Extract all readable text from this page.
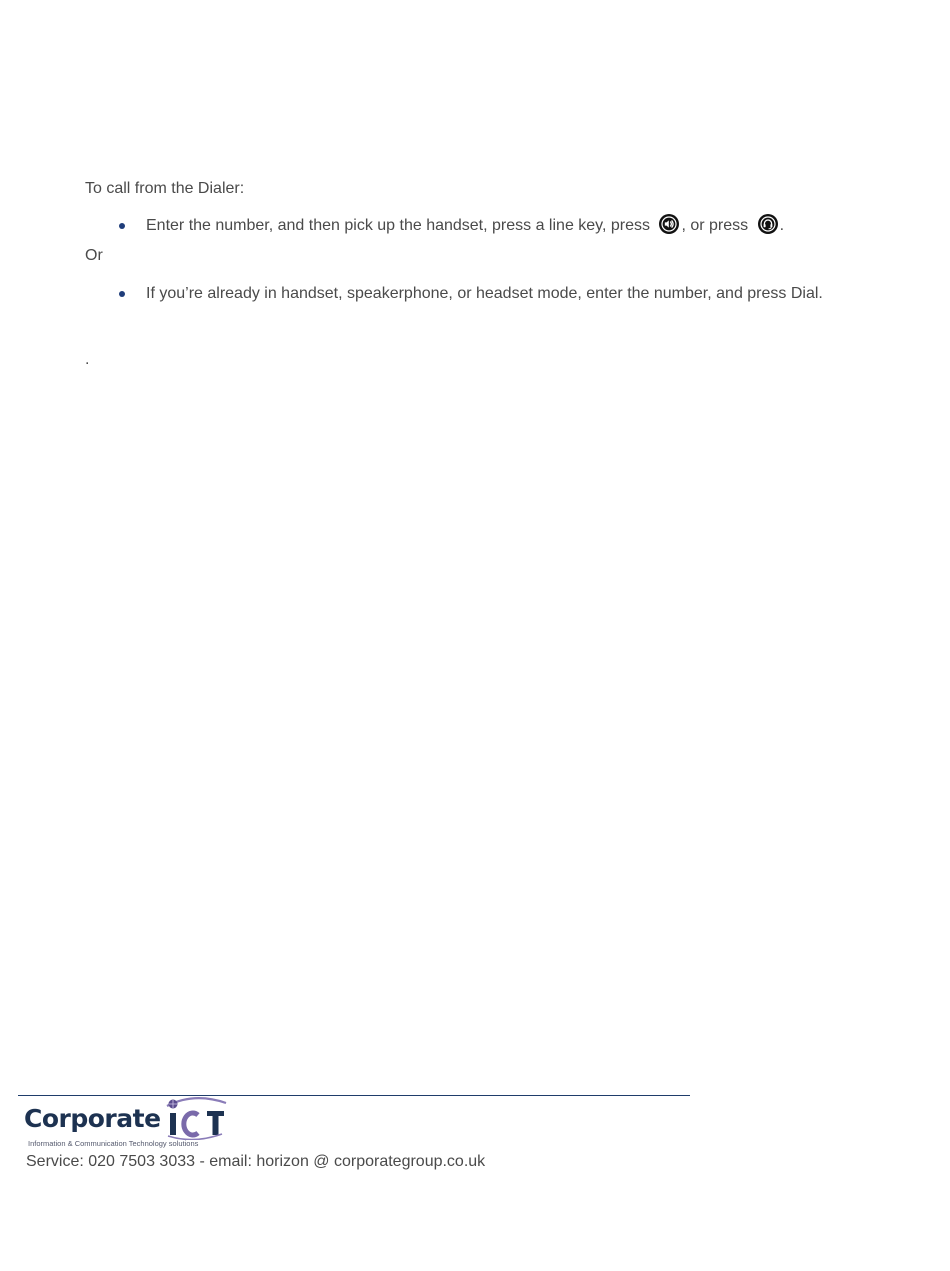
To call from the Dialer:

Enter the number, and then pick up the handset, press a line key, press , or press .

Or

If you’re already in handset, speakerphone, or headset mode, enter the number, and press Dial.

.

Corporate
Information & Communication Technology solutions

Service: 020 7503 3033 - email: horizon @ corporategroup.co.uk
